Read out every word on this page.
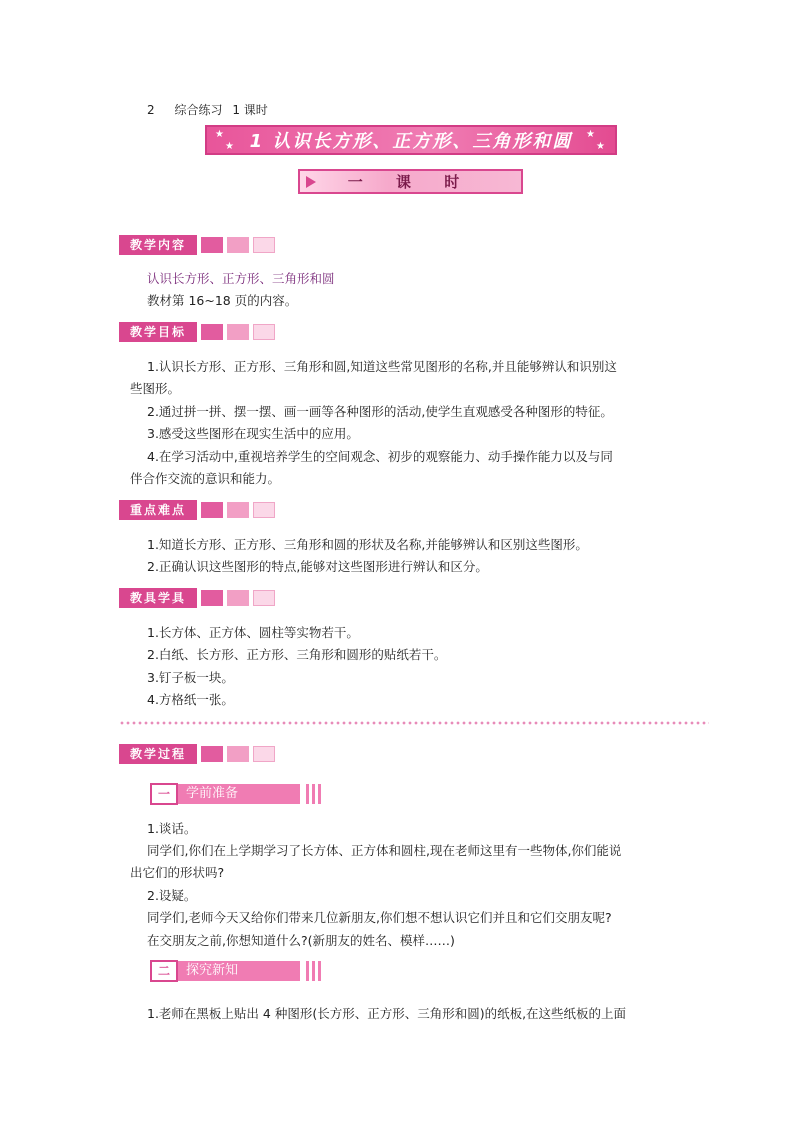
2 综合练习 1 课时
★
★ 1 认识长方形、正方形、三角形和圆 ★
★
一 课 时
教学内容
认识长方形、正方形、三角形和圆
教材第 16~18 页的内容。
教学目标
1.认识长方形、正方形、三角形和圆,知道这些常见图形的名称,并且能够辨认和识别这
些图形。
2.通过拼一拼、摆一摆、画一画等各种图形的活动,使学生直观感受各种图形的特征。
3.感受这些图形在现实生活中的应用。
4.在学习活动中,重视培养学生的空间观念、初步的观察能力、动手操作能力以及与同
伴合作交流的意识和能力。
重点难点
1.知道长方形、正方形、三角形和圆的形状及名称,并能够辨认和区别这些图形。
2.正确认识这些图形的特点,能够对这些图形进行辨认和区分。
教具学具
1.长方体、正方体、圆柱等实物若干。
2.白纸、长方形、正方形、三角形和圆形的贴纸若干。
3.钉子板一块。
4.方格纸一张。
教学过程
一	学前准备
1.谈话。
同学们,你们在上学期学习了长方体、正方体和圆柱,现在老师这里有一些物体,你们能说
出它们的形状吗?
2.设疑。
同学们,老师今天又给你们带来几位新朋友,你们想不想认识它们并且和它们交朋友呢?
在交朋友之前,你想知道什么?(新朋友的姓名、模样……)
二	探究新知
1.老师在黑板上贴出 4 种图形(长方形、正方形、三角形和圆)的纸板,在这些纸板的上面
